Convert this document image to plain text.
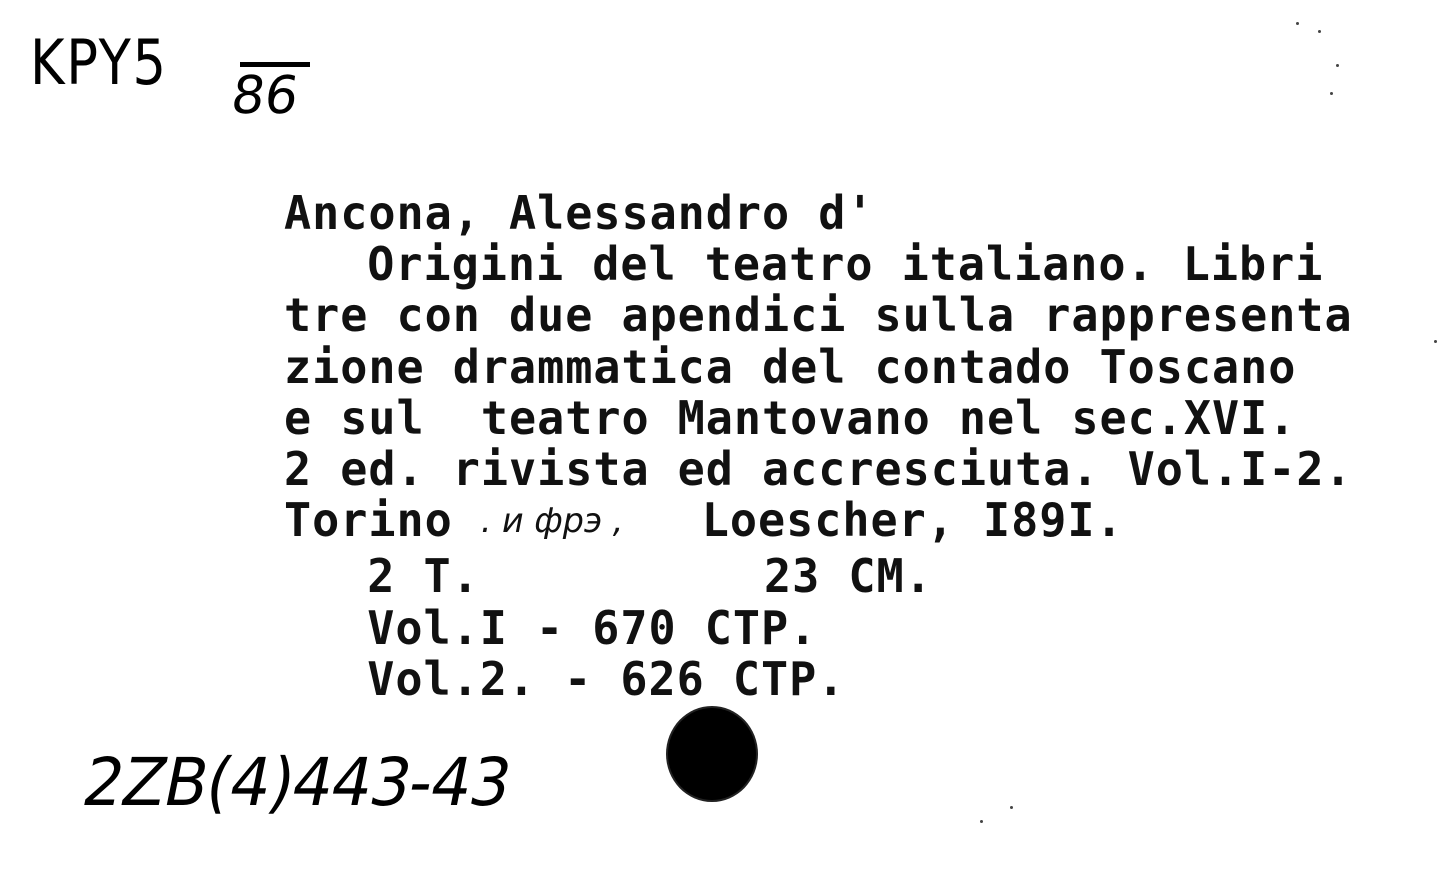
KPY5 86
Ancona, Alessandro d'
Origini del teatro italiano. Libri
tre con due apendici sulla rappresenta
zione drammatica del contado Toscano
e sul  teatro Mantovano nel sec.XVI.
2 ed. rivista ed accresciuta. Vol.I-2.
Torino . и фрэ , Loescher, I89I.
2 T.	23 CM.
Vol.I - 670 CTP.
Vol.2. - 626 CTP.
2ZB(4)443-43
